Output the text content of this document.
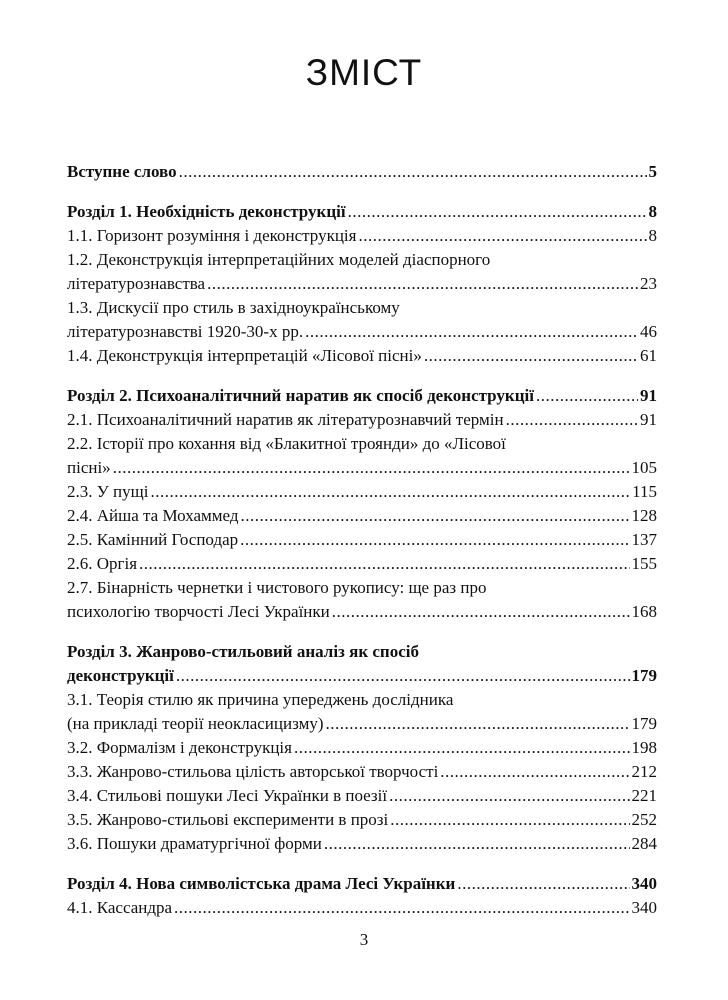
ЗМІСТ
Вступне слово .....	5
Розділ 1. Необхідність деконструкції .....	8
1.1. Горизонт розуміння і деконструкція .....	8
1.2. Деконструкція інтерпретаційних моделей діаспорного
літературознавства .....	23
1.3. Дискусії про стиль в західноукраїнському
літературознавстві 1920-30-х рр. .....	46
1.4. Деконструкція інтерпретацій «Лісової пісні» .....	61
Розділ 2. Психоаналітичний наратив як спосіб деконструкції .....	91
2.1. Психоаналітичний наратив як літературознавчий термін .....	91
2.2. Історії про кохання від «Блакитної троянди» до «Лісової
пісні» .....	105
2.3. У пущі .....	115
2.4. Айша та Мохаммед .....	128
2.5. Камінний Господар .....	137
2.6. Оргія .....	155
2.7. Бінарність чернетки і чистового рукопису: ще раз про
психологію творчості Лесі Українки .....	168
Розділ 3. Жанрово-стильовий аналіз як спосіб
деконструкції .....	179
3.1. Теорія стилю як причина упереджень дослідника
(на прикладі теорії неокласицизму) .....	179
3.2. Формалізм і деконструкція .....	198
3.3. Жанрово-стильова цілість авторської творчості .....	212
3.4. Стильові пошуки Лесі Українки в поезії .....	221
3.5. Жанрово-стильові експерименти в прозі .....	252
3.6. Пошуки драматургічної форми .....	284
Розділ 4. Нова символістська драма Лесі Українки .....	340
4.1. Кассандра .....	340
3
